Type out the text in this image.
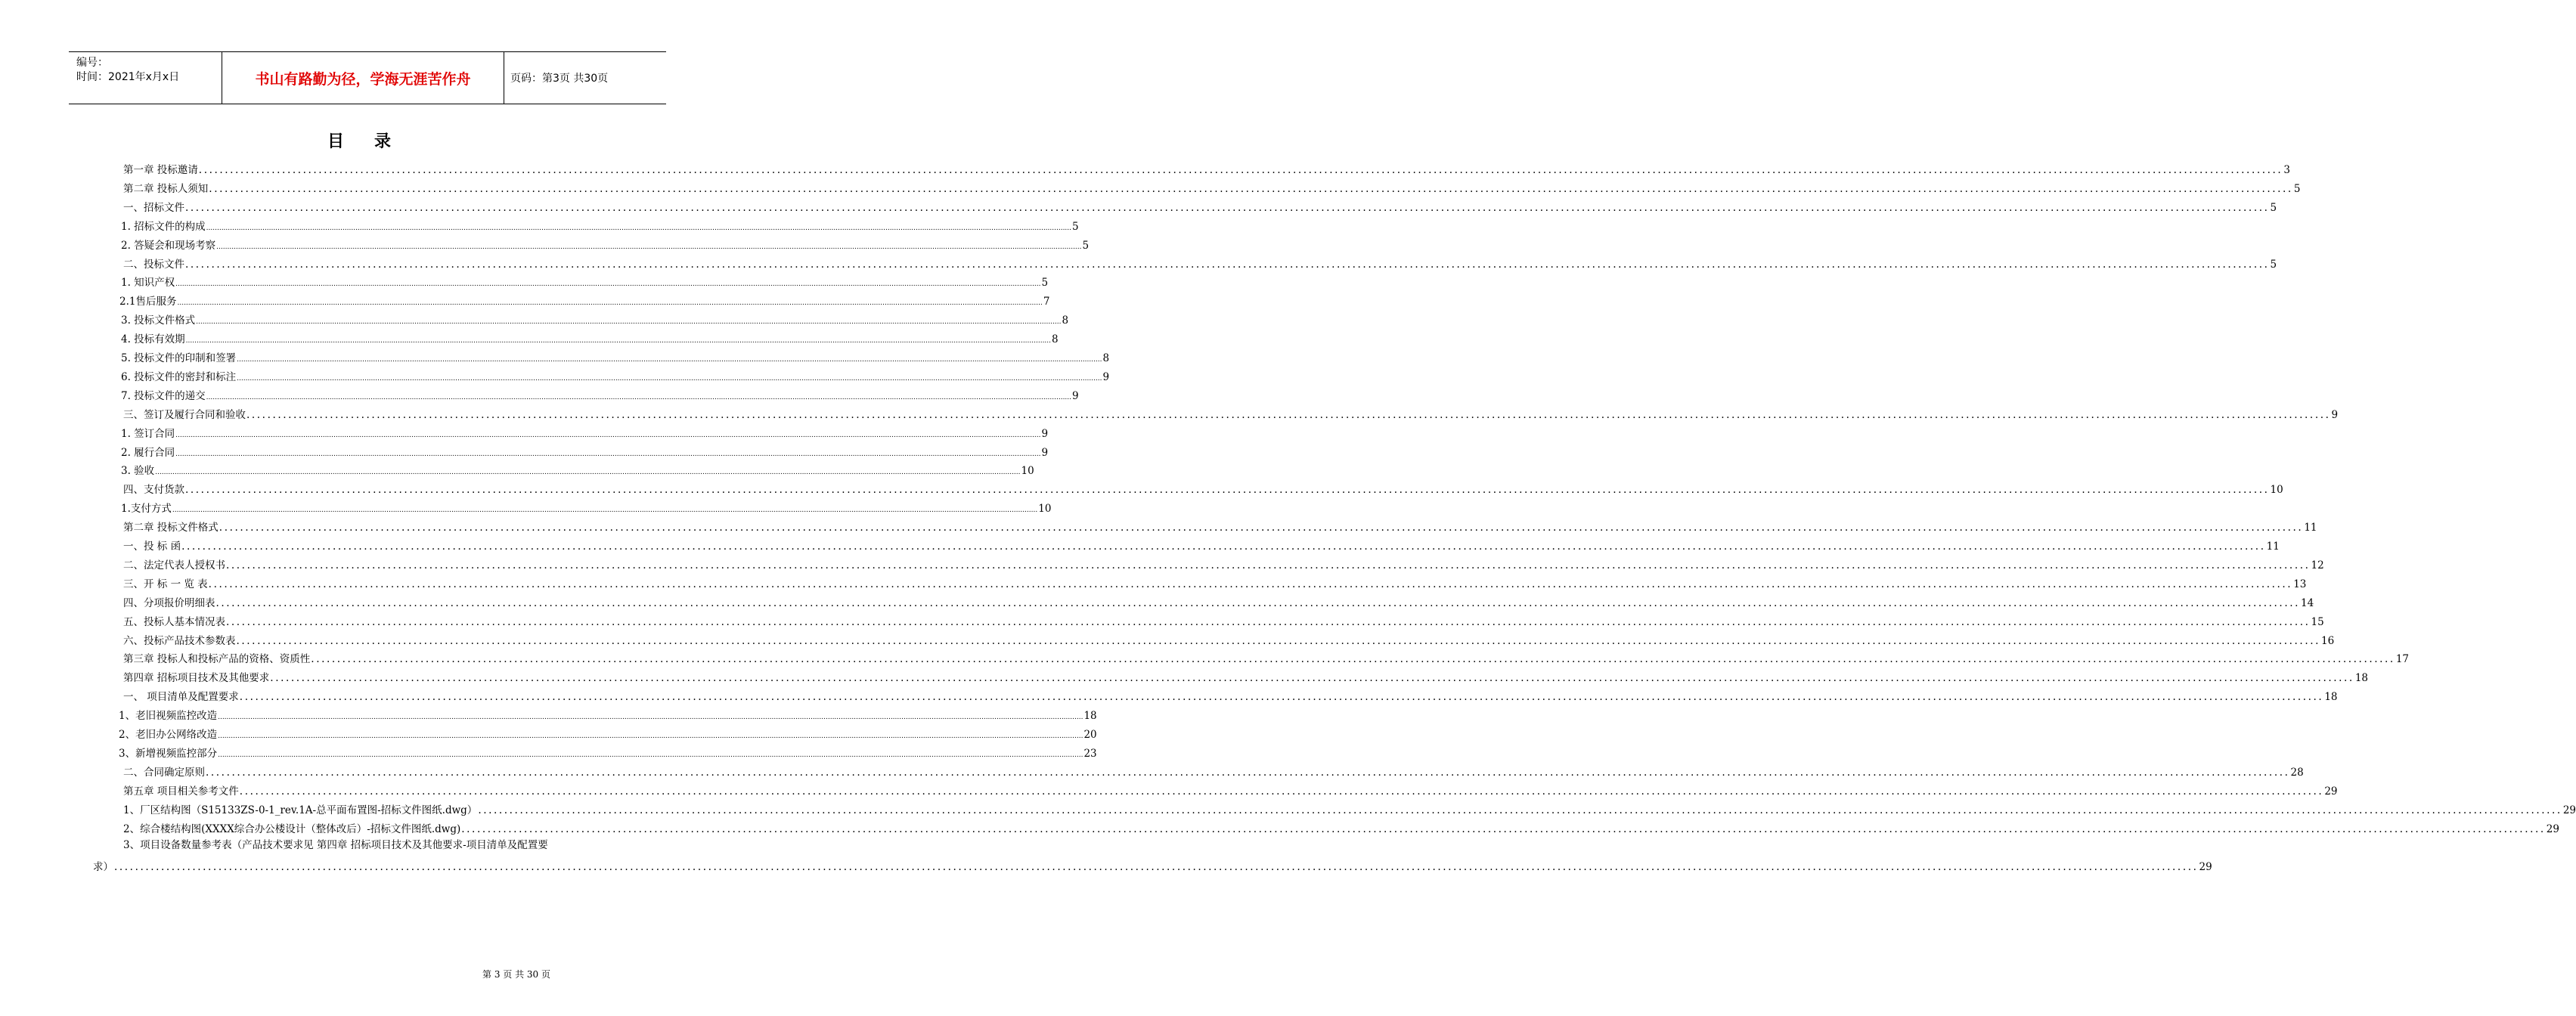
编号：
时间：2021年x月x日	书山有路勤为径，学海无涯苦作舟	页码：第3页 共30页
目录
第一章 投标邀请 ................................................................................................................................................................................................................................................................................................................................................................................................................ 3
第二章 投标人须知 ................................................................................................................................................................................................................................................................................................................................................................................................................ 5
一、招标文件 ................................................................................................................................................................................................................................................................................................................................................................................................................ 5
1. 招标文件的构成 ................................................................................................................................................................................................................................................................................................................................................................................................................ 5
2. 答疑会和现场考察 ................................................................................................................................................................................................................................................................................................................................................................................................................ 5
二、投标文件 ................................................................................................................................................................................................................................................................................................................................................................................................................ 5
1. 知识产权 ................................................................................................................................................................................................................................................................................................................................................................................................................ 5
2.1售后服务 ................................................................................................................................................................................................................................................................................................................................................................................................................ 7
3. 投标文件格式 ................................................................................................................................................................................................................................................................................................................................................................................................................ 8
4. 投标有效期 ................................................................................................................................................................................................................................................................................................................................................................................................................ 8
5. 投标文件的印制和签署 ................................................................................................................................................................................................................................................................................................................................................................................................................ 8
6. 投标文件的密封和标注 ................................................................................................................................................................................................................................................................................................................................................................................................................ 9
7. 投标文件的递交 ................................................................................................................................................................................................................................................................................................................................................................................................................ 9
三、签订及履行合同和验收 ................................................................................................................................................................................................................................................................................................................................................................................................................ 9
1. 签订合同 ................................................................................................................................................................................................................................................................................................................................................................................................................ 9
2. 履行合同 ................................................................................................................................................................................................................................................................................................................................................................................................................ 9
3. 验收 ................................................................................................................................................................................................................................................................................................................................................................................................................ 10
四、支付货款 ................................................................................................................................................................................................................................................................................................................................................................................................................ 10
1.支付方式 ................................................................................................................................................................................................................................................................................................................................................................................................................ 10
第二章 投标文件格式 ................................................................................................................................................................................................................................................................................................................................................................................................................ 11
一、投 标 函 ................................................................................................................................................................................................................................................................................................................................................................................................................ 11
二、法定代表人授权书 ................................................................................................................................................................................................................................................................................................................................................................................................................ 12
三、开 标 一 览 表 ................................................................................................................................................................................................................................................................................................................................................................................................................ 13
四、分项报价明细表 ................................................................................................................................................................................................................................................................................................................................................................................................................ 14
五、投标人基本情况表 ................................................................................................................................................................................................................................................................................................................................................................................................................ 15
六、投标产品技术参数表 ................................................................................................................................................................................................................................................................................................................................................................................................................ 16
第三章 投标人和投标产品的资格、资质性 ................................................................................................................................................................................................................................................................................................................................................................................................................ 17
第四章 招标项目技术及其他要求 ................................................................................................................................................................................................................................................................................................................................................................................................................ 18
一、 项目清单及配置要求 ................................................................................................................................................................................................................................................................................................................................................................................................................ 18
1、老旧视频监控改造 ................................................................................................................................................................................................................................................................................................................................................................................................................ 18
2、老旧办公网络改造 ................................................................................................................................................................................................................................................................................................................................................................................................................ 20
3、新增视频监控部分 ................................................................................................................................................................................................................................................................................................................................................................................................................ 23
二、合同确定原则 ................................................................................................................................................................................................................................................................................................................................................................................................................ 28
第五章 项目相关参考文件 ................................................................................................................................................................................................................................................................................................................................................................................................................ 29
1、厂区结构图（S15133ZS-0-1_rev.1A-总平面布置图-招标文件图纸.dwg） ................................................................................................................................................................................................................................................................................................................................................................................................................ 29
2、综合楼结构图(XXXX综合办公楼设计（整体改后）-招标文件图纸.dwg) ................................................................................................................................................................................................................................................................................................................................................................................................................ 29
求） ................................................................................................................................................................................................................................................................................................................................................................................................................ 29
3、项目设备数量参考表（产品技术要求见 第四章 招标项目技术及其他要求-项目清单及配置要
第 3 页 共 30 页
